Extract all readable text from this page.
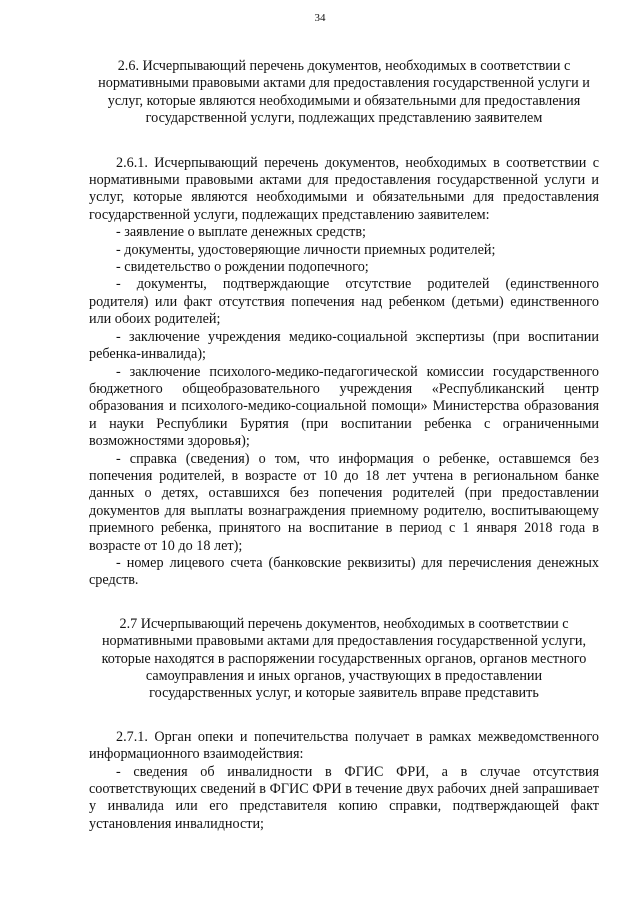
34

2.6. Исчерпывающий перечень документов, необходимых в соответствии с нормативными правовыми актами для предоставления государственной услуги и услуг, которые являются необходимыми и обязательными для предоставления государственной услуги, подлежащих представлению заявителем

2.6.1. Исчерпывающий перечень документов, необходимых в соответствии с нормативными правовыми актами для предоставления государственной услуги и услуг, которые являются необходимыми и обязательными для предоставления государственной услуги, подлежащих представлению заявителем:

- заявление о выплате денежных средств;
- документы, удостоверяющие личности приемных родителей;
- свидетельство о рождении подопечного;
- документы, подтверждающие отсутствие родителей (единственного родителя) или факт отсутствия попечения над ребенком (детьми) единственного или обоих родителей;
- заключение учреждения медико-социальной экспертизы (при воспитании ребенка-инвалида);
- заключение психолого-медико-педагогической комиссии государственного бюджетного общеобразовательного учреждения «Республиканский центр образования и психолого-медико-социальной помощи» Министерства образования и науки Республики Бурятия (при воспитании ребенка с ограниченными возможностями здоровья);
- справка (сведения) о том, что информация о ребенке, оставшемся без попечения родителей, в возрасте от 10 до 18 лет учтена в региональном банке данных о детях, оставшихся без попечения родителей (при предоставлении документов для выплаты вознаграждения приемному родителю, воспитывающему приемного ребенка, принятого на воспитание в период с 1 января 2018 года в возрасте от 10 до 18 лет);
- номер лицевого счета (банковские реквизиты) для перечисления денежных средств.

2.7 Исчерпывающий перечень документов, необходимых в соответствии с нормативными правовыми актами для предоставления государственной услуги, которые находятся в распоряжении государственных органов, органов местного самоуправления и иных органов, участвующих в предоставлении государственных услуг, и которые заявитель вправе представить

2.7.1. Орган опеки и попечительства получает в рамках межведомственного информационного взаимодействия:

- сведения об инвалидности в ФГИС ФРИ, а в случае отсутствия соответствующих сведений в ФГИС ФРИ в течение двух рабочих дней запрашивает у инвалида или его представителя копию справки, подтверждающей факт установления инвалидности;
